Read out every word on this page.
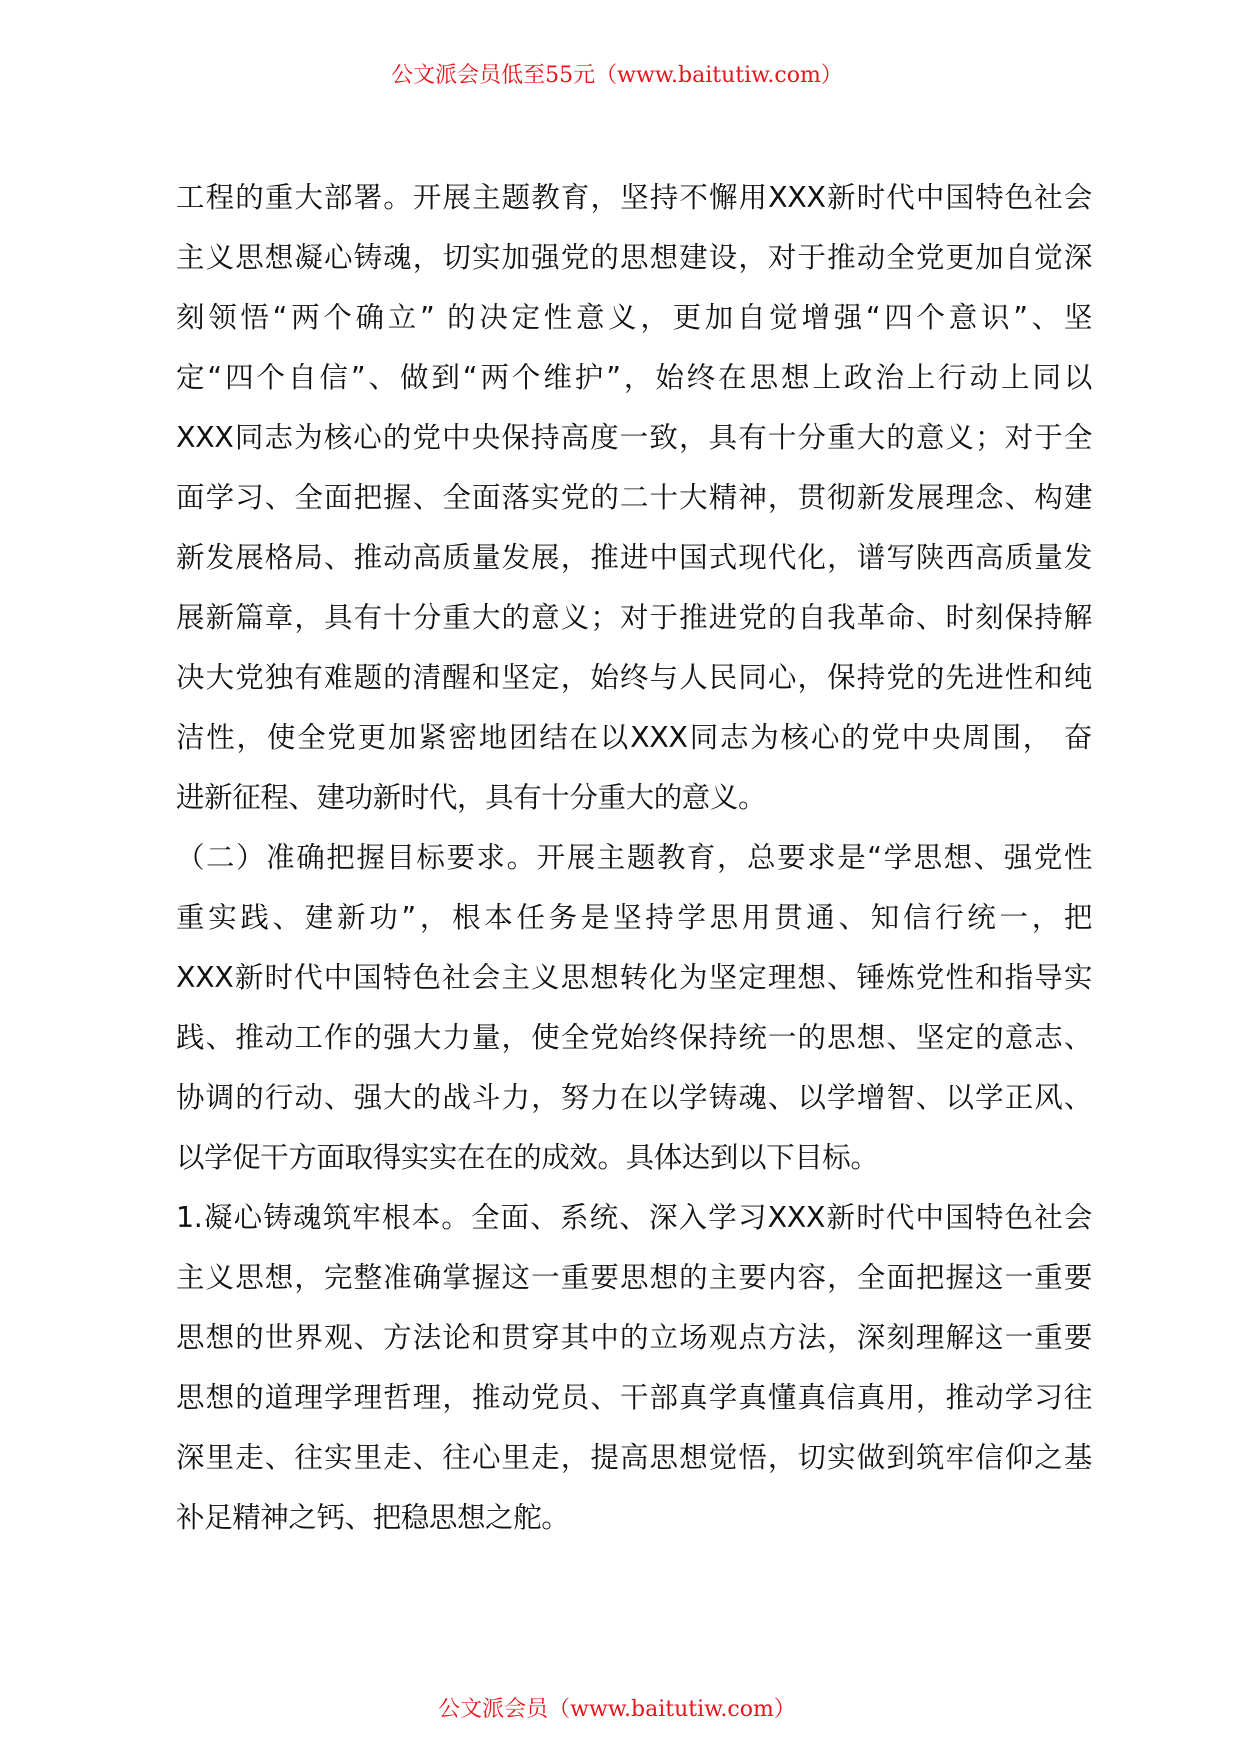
公文派会员低至55元（www.baitutiw.com）
工程的重大部署。开展主题教育，坚持不懈用XXX新时代中国特色社会
主义思想凝心铸魂，切实加强党的思想建设，对于推动全党更加自觉深
刻领悟“两个确立” 的决定性意义，更加自觉增强“四个意识”、坚
定“四个自信”、做到“两个维护”，始终在思想上政治上行动上同以
XXX同志为核心的党中央保持高度一致，具有十分重大的意义；对于全
面学习、全面把握、全面落实党的二十大精神，贯彻新发展理念、构建
新发展格局、推动高质量发展，推进中国式现代化，谱写陕西高质量发
展新篇章，具有十分重大的意义；对于推进党的自我革命、时刻保持解
决大党独有难题的清醒和坚定，始终与人民同心，保持党的先进性和纯
洁性，使全党更加紧密地团结在以XXX同志为核心的党中央周围， 奋
进新征程、建功新时代，具有十分重大的意义。
（二）准确把握目标要求。开展主题教育，总要求是“学思想、强党性
重实践、建新功”，根本任务是坚持学思用贯通、知信行统一，把
XXX新时代中国特色社会主义思想转化为坚定理想、锤炼党性和指导实
践、推动工作的强大力量，使全党始终保持统一的思想、坚定的意志、
协调的行动、强大的战斗力，努力在以学铸魂、以学增智、以学正风、
以学促干方面取得实实在在的成效。具体达到以下目标。
1.凝心铸魂筑牢根本。全面、系统、深入学习XXX新时代中国特色社会
主义思想，完整准确掌握这一重要思想的主要内容，全面把握这一重要
思想的世界观、方法论和贯穿其中的立场观点方法，深刻理解这一重要
思想的道理学理哲理，推动党员、干部真学真懂真信真用，推动学习往
深里走、往实里走、往心里走，提高思想觉悟，切实做到筑牢信仰之基
补足精神之钙、把稳思想之舵。
公文派会员（www.baitutiw.com）
